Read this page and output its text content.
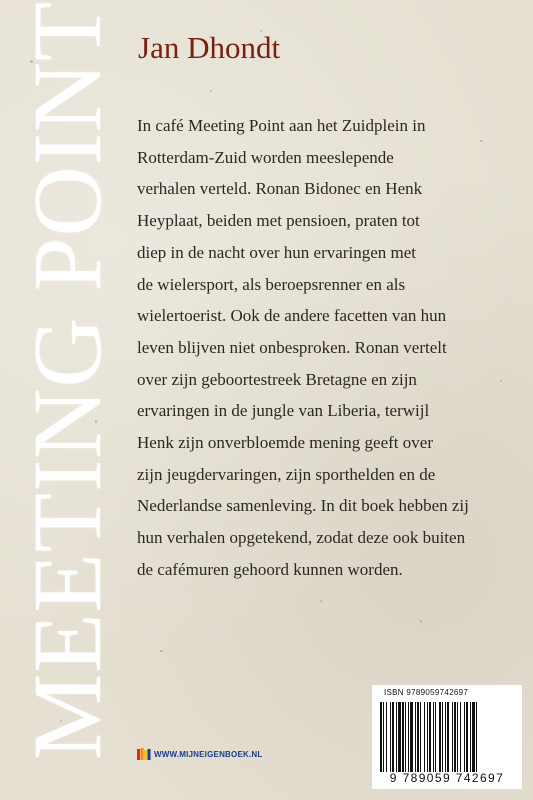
MEETING POINT Jan Dhondt
In café Meeting Point aan het Zuidplein in
Rotterdam-Zuid worden meeslepende
verhalen verteld. Ronan Bidonec en Henk
Heyplaat, beiden met pensioen, praten tot
diep in de nacht over hun ervaringen met
de wielersport, als beroepsrenner en als
wielertoerist. Ook de andere facetten van hun
leven blijven niet onbesproken. Ronan vertelt
over zijn geboortestreek Bretagne en zijn
ervaringen in de jungle van Liberia, terwijl
Henk zijn onverbloemde mening geeft over
zijn jeugdervaringen, zijn sporthelden en de
Nederlandse samenleving. In dit boek hebben zij
hun verhalen opgetekend, zodat deze ook buiten
de cafémuren gehoord kunnen worden.
WWW.MIJNEIGENBOEK.NL
ISBN 9789059742697
9 789059 742697
